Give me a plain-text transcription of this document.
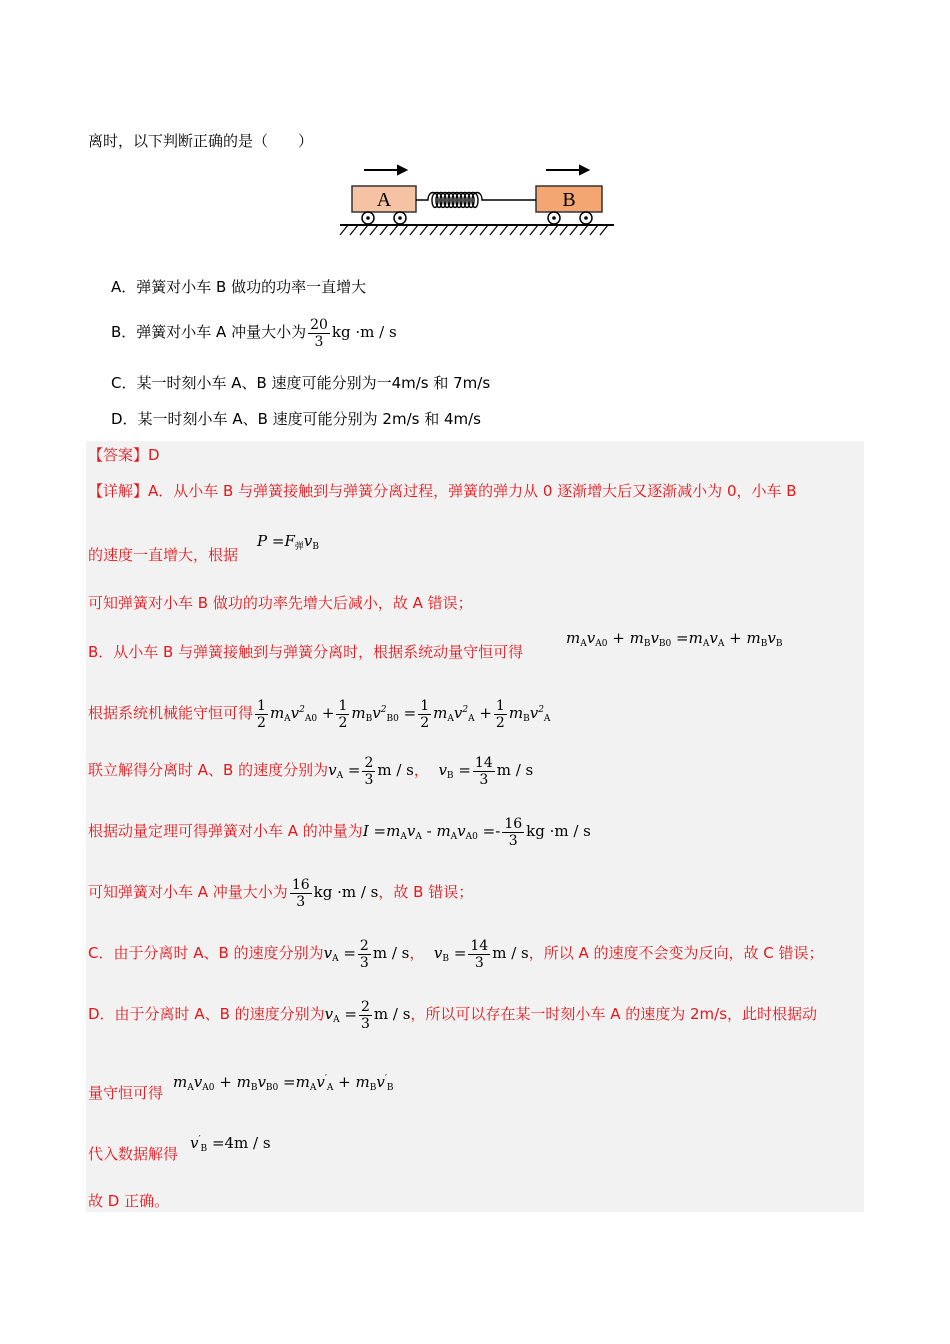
离时，以下判断正确的是（　　）
A	B
A．弹簧对小车 B 做功的功率一直增大
B．弹簧对小车 A 冲量大小为 $\frac{20}{3}$ kg ·m / s
C．某一时刻小车 A、B 速度可能分别为一4m/s 和 7m/s
D．某一时刻小车 A、B 速度可能分别为 2m/s 和 4m/s
【答案】D
【详解】A．从小车 B 与弹簧接触到与弹簧分离过程，弹簧的弹力从 0 逐渐增大后又逐渐减小为 0，小车 B
$P =F_弹v_B$
的速度一直增大，根据
可知弹簧对小车 B 做功的功率先增大后减小，故 A 错误；
$m_Av_{A0} + m_Bv_{B0} =m_Av_A + m_Bv_B$
B．从小车 B 与弹簧接触到与弹簧分离时，根据系统动量守恒可得
根据系统机械能守恒可得 $\frac{1}{2} m_Av^2_{A0} + \frac{1}{2} m_Bv^2_{B0} = \frac{1}{2} m_Av^2_A + \frac{1}{2} m_Bv^2_A$
联立解得分离时 A、B 的速度分别为$v_A = \frac{2}{3}$ m / s， $v_B = \frac{14}{3}$ m / s
根据动量定理可得弹簧对小车 A 的冲量为$I =m_Av_A - m_Av_{A0} =- \frac{16}{3}$ kg ·m / s
可知弹簧对小车 A 冲量大小为 $\frac{16}{3}$ kg ·m / s，故 B 错误；
C．由于分离时 A、B 的速度分别为$v_A = \frac{2}{3}$ m / s， $v_B = \frac{14}{3}$ m / s，所以 A 的速度不会变为反向，故 C 错误；
D．由于分离时 A、B 的速度分别为$v_A = \frac{2}{3}$ m / s，所以可以存在某一时刻小车 A 的速度为 2m/s，此时根据动
$m_Av_{A0} + m_Bv_{B0} =m_Av'_A + m_Bv'_B$
量守恒可得
$v'_B =4m / s$
代入数据解得
故 D 正确。
